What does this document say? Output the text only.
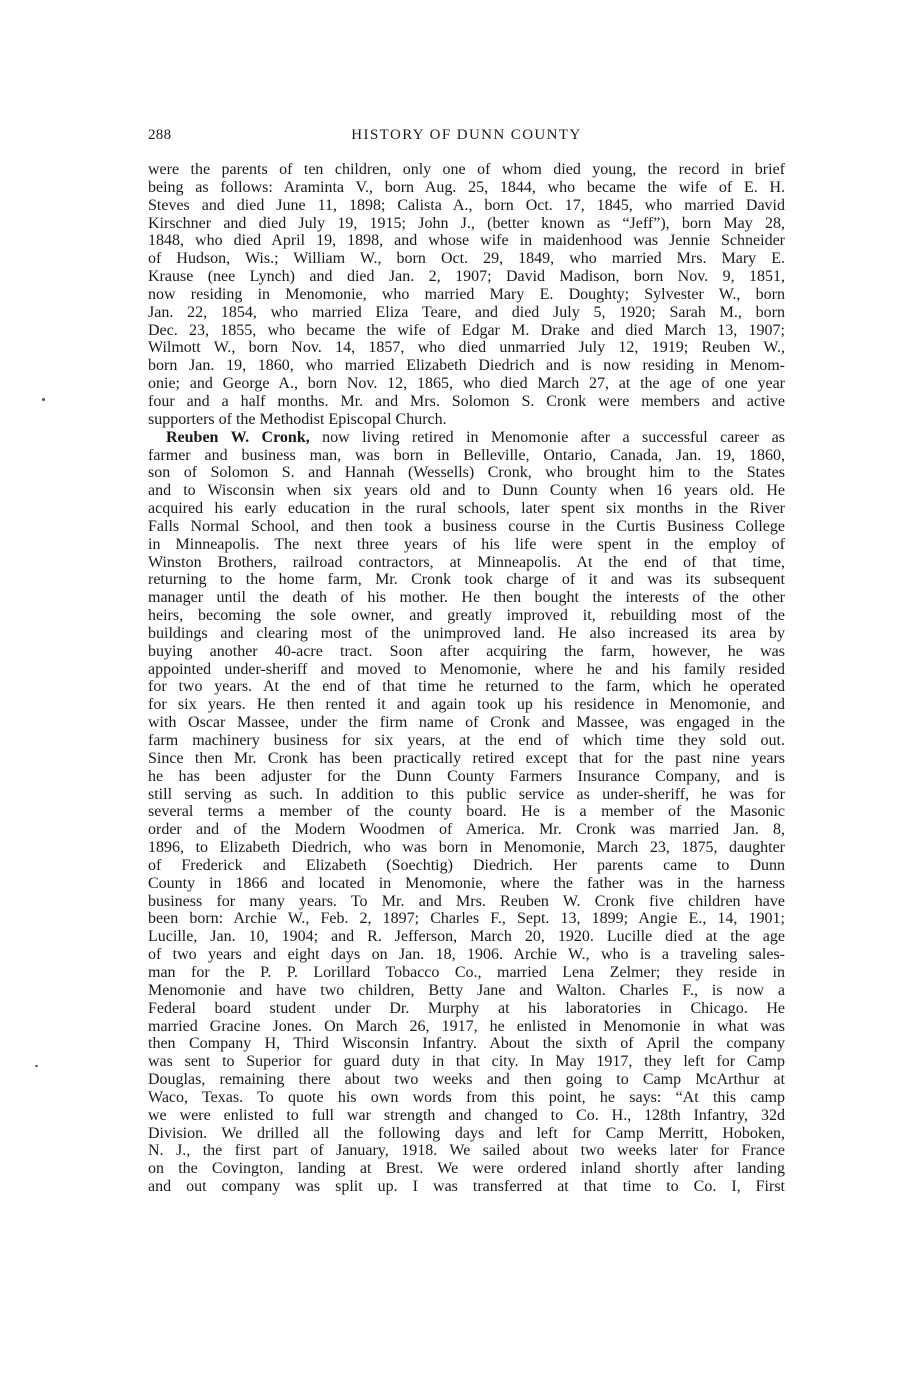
288	HISTORY OF DUNN COUNTY
were the parents of ten children, only one of whom died young, the record in brief
being as follows: Araminta V., born Aug. 25, 1844, who became the wife of E. H.
Steves and died June 11, 1898; Calista A., born Oct. 17, 1845, who married David
Kirschner and died July 19, 1915; John J., (better known as “Jeff”), born May 28,
1848, who died April 19, 1898, and whose wife in maidenhood was Jennie Schneider
of Hudson, Wis.; William W., born Oct. 29, 1849, who married Mrs. Mary E.
Krause (nee Lynch) and died Jan. 2, 1907; David Madison, born Nov. 9, 1851,
now residing in Menomonie, who married Mary E. Doughty; Sylvester W., born
Jan. 22, 1854, who married Eliza Teare, and died July 5, 1920; Sarah M., born
Dec. 23, 1855, who became the wife of Edgar M. Drake and died March 13, 1907;
Wilmott W., born Nov. 14, 1857, who died unmarried July 12, 1919; Reuben W.,
born Jan. 19, 1860, who married Elizabeth Diedrich and is now residing in Menom-
onie; and George A., born Nov. 12, 1865, who died March 27, at the age of one year
four and a half months. Mr. and Mrs. Solomon S. Cronk were members and active
supporters of the Methodist Episcopal Church.
Reuben W. Cronk, now living retired in Menomonie after a successful career as
farmer and business man, was born in Belleville, Ontario, Canada, Jan. 19, 1860,
son of Solomon S. and Hannah (Wessells) Cronk, who brought him to the States
and to Wisconsin when six years old and to Dunn County when 16 years old. He
acquired his early education in the rural schools, later spent six months in the River
Falls Normal School, and then took a business course in the Curtis Business College
in Minneapolis. The next three years of his life were spent in the employ of
Winston Brothers, railroad contractors, at Minneapolis. At the end of that time,
returning to the home farm, Mr. Cronk took charge of it and was its subsequent
manager until the death of his mother. He then bought the interests of the other
heirs, becoming the sole owner, and greatly improved it, rebuilding most of the
buildings and clearing most of the unimproved land. He also increased its area by
buying another 40-acre tract. Soon after acquiring the farm, however, he was
appointed under-sheriff and moved to Menomonie, where he and his family resided
for two years. At the end of that time he returned to the farm, which he operated
for six years. He then rented it and again took up his residence in Menomonie, and
with Oscar Massee, under the firm name of Cronk and Massee, was engaged in the
farm machinery business for six years, at the end of which time they sold out.
Since then Mr. Cronk has been practically retired except that for the past nine years
he has been adjuster for the Dunn County Farmers Insurance Company, and is
still serving as such. In addition to this public service as under-sheriff, he was for
several terms a member of the county board. He is a member of the Masonic
order and of the Modern Woodmen of America. Mr. Cronk was married Jan. 8,
1896, to Elizabeth Diedrich, who was born in Menomonie, March 23, 1875, daughter
of Frederick and Elizabeth (Soechtig) Diedrich. Her parents came to Dunn
County in 1866 and located in Menomonie, where the father was in the harness
business for many years. To Mr. and Mrs. Reuben W. Cronk five children have
been born: Archie W., Feb. 2, 1897; Charles F., Sept. 13, 1899; Angie E., 14, 1901;
Lucille, Jan. 10, 1904; and R. Jefferson, March 20, 1920. Lucille died at the age
of two years and eight days on Jan. 18, 1906. Archie W., who is a traveling sales-
man for the P. P. Lorillard Tobacco Co., married Lena Zelmer; they reside in
Menomonie and have two children, Betty Jane and Walton. Charles F., is now a
Federal board student under Dr. Murphy at his laboratories in Chicago. He
married Gracine Jones. On March 26, 1917, he enlisted in Menomonie in what was
then Company H, Third Wisconsin Infantry. About the sixth of April the company
was sent to Superior for guard duty in that city. In May 1917, they left for Camp
Douglas, remaining there about two weeks and then going to Camp McArthur at
Waco, Texas. To quote his own words from this point, he says: “At this camp
we were enlisted to full war strength and changed to Co. H., 128th Infantry, 32d
Division. We drilled all the following days and left for Camp Merritt, Hoboken,
N. J., the first part of January, 1918. We sailed about two weeks later for France
on the Covington, landing at Brest. We were ordered inland shortly after landing
and out company was split up. I was transferred at that time to Co. I, First
